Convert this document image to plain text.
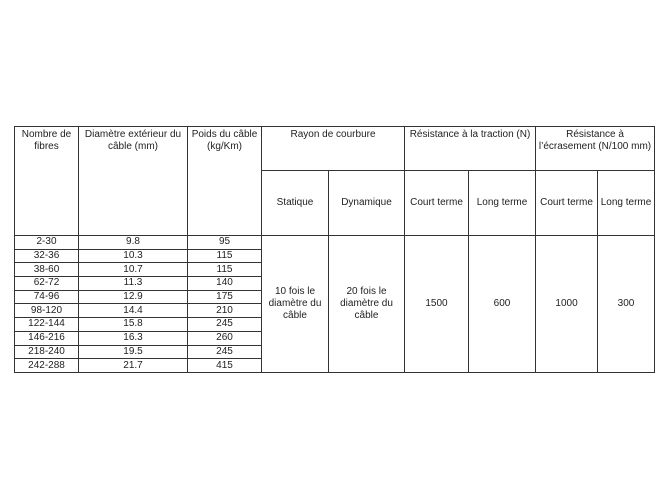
Nombre de fibres	Diamètre extérieur du câble (mm)	Poids du câble (kg/Km)	Rayon de courbure		Résistance à la traction (N)		Résistance à l’écrasement (N/100 mm)	
			Statique	Dynamique	Court terme	Long terme	Court terme	Long terme

2-30	9.8	95	10 fois le diamètre du câble	20 fois le diamètre du câble	1500	600	1000	300
32-36	10.3	115						
38-60	10.7	115						
62-72	11.3	140						
74-96	12.9	175						
98-120	14.4	210						
122-144	15.8	245						
146-216	16.3	260						
218-240	19.5	245						
242-288	21.7	415						
